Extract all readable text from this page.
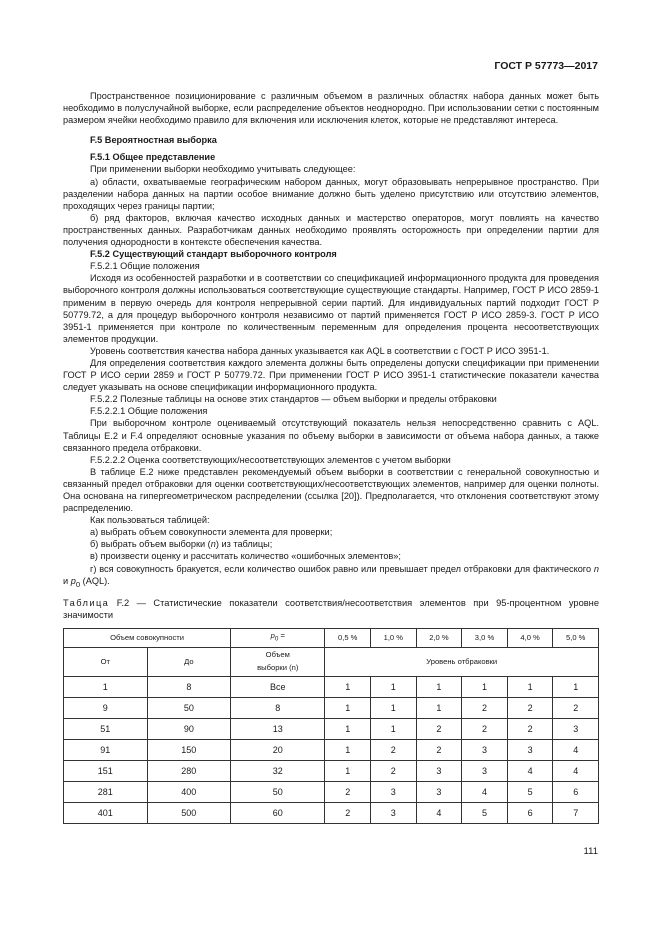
ГОСТ Р 57773—2017

Пространственное позиционирование с различным объемом в различных областях набора данных может быть необходимо в полуслучайной выборке, если распределение объектов неоднородно. При использовании сетки с постоянным размером ячейки необходимо правило для включения или исключения клеток, которые не представляют интереса.

F.5 Вероятностная выборка

F.5.1 Общее представление

При применении выборки необходимо учитывать следующее:

а) области, охватываемые географическим набором данных, могут образовывать непрерывное пространство. При разделении набора данных на партии особое внимание должно быть уделено присутствию или отсутствию элементов, проходящих через границы партии;

б) ряд факторов, включая качество исходных данных и мастерство операторов, могут повлиять на качество пространственных данных. Разработчикам данных необходимо проявлять осторожность при определении партии для получения однородности в контексте обеспечения качества.

F.5.2 Существующий стандарт выборочного контроля

F.5.2.1 Общие положения

Исходя из особенностей разработки и в соответствии со спецификацией информационного продукта для проведения выборочного контроля должны использоваться соответствующие существующие стандарты. Например, ГОСТ Р ИСО 2859-1 применим в первую очередь для контроля непрерывной серии партий. Для индивидуальных партий подходит ГОСТ Р 50779.72, а для процедур выборочного контроля независимо от партий применяется ГОСТ Р ИСО 2859-3. ГОСТ Р ИСО 3951-1 применяется при контроле по количественным переменным для определения процента несоответствующих элементов продукции.

Уровень соответствия качества набора данных указывается как AQL в соответствии с ГОСТ Р ИСО 3951-1.

Для определения соответствия каждого элемента должны быть определены допуски спецификации при применении ГОСТ Р ИСО серии 2859 и ГОСТ Р 50779.72. При применении ГОСТ Р ИСО 3951-1 статистические показатели качества следует указывать на основе спецификации информационного продукта.

F.5.2.2 Полезные таблицы на основе этих стандартов — объем выборки и пределы отбраковки

F.5.2.2.1 Общие положения

При выборочном контроле оцениваемый отсутствующий показатель нельзя непосредственно сравнить с AQL. Таблицы E.2 и F.4 определяют основные указания по объему выборки в зависимости от объема набора данных, а также связанного предела отбраковки.

F.5.2.2.2 Оценка соответствующих/несоответствующих элементов с учетом выборки

В таблице E.2 ниже представлен рекомендуемый объем выборки в соответствии с генеральной совокупностью и связанный предел отбраковки для оценки соответствующих/несоответствующих элементов, например для оценки полноты. Она основана на гипергеометрическом распределении (ссылка [20]). Предполагается, что отклонения соответствуют этому распределению.

Как пользоваться таблицей:

а) выбрать объем совокупности элемента для проверки;

б) выбрать объем выборки (n) из таблицы;

в) произвести оценку и рассчитать количество «ошибочных элементов»;

г) вся совокупность бракуется, если количество ошибок равно или превышает предел отбраковки для фактического n и $p_0$ (AQL).

Таблица F.2 — Статистические показатели соответствия/несоответствия элементов при 95-процентном уровне значимости

Объем совокупности		$p_0$ =	0,5 %	1,0 %	2,0 %	3,0 %	4,0 %	5,0 %
От	До	Объем
выборки (n)	Уровень отбраковки					
1	8	Все	1	1	1	1	1	1
9	50	8	1	1	1	2	2	2
51	90	13	1	1	2	2	2	3
91	150	20	1	2	2	3	3	4
151	280	32	1	2	3	3	4	4
281	400	50	2	3	3	4	5	6
401	500	60	2	3	4	5	6	7
111
